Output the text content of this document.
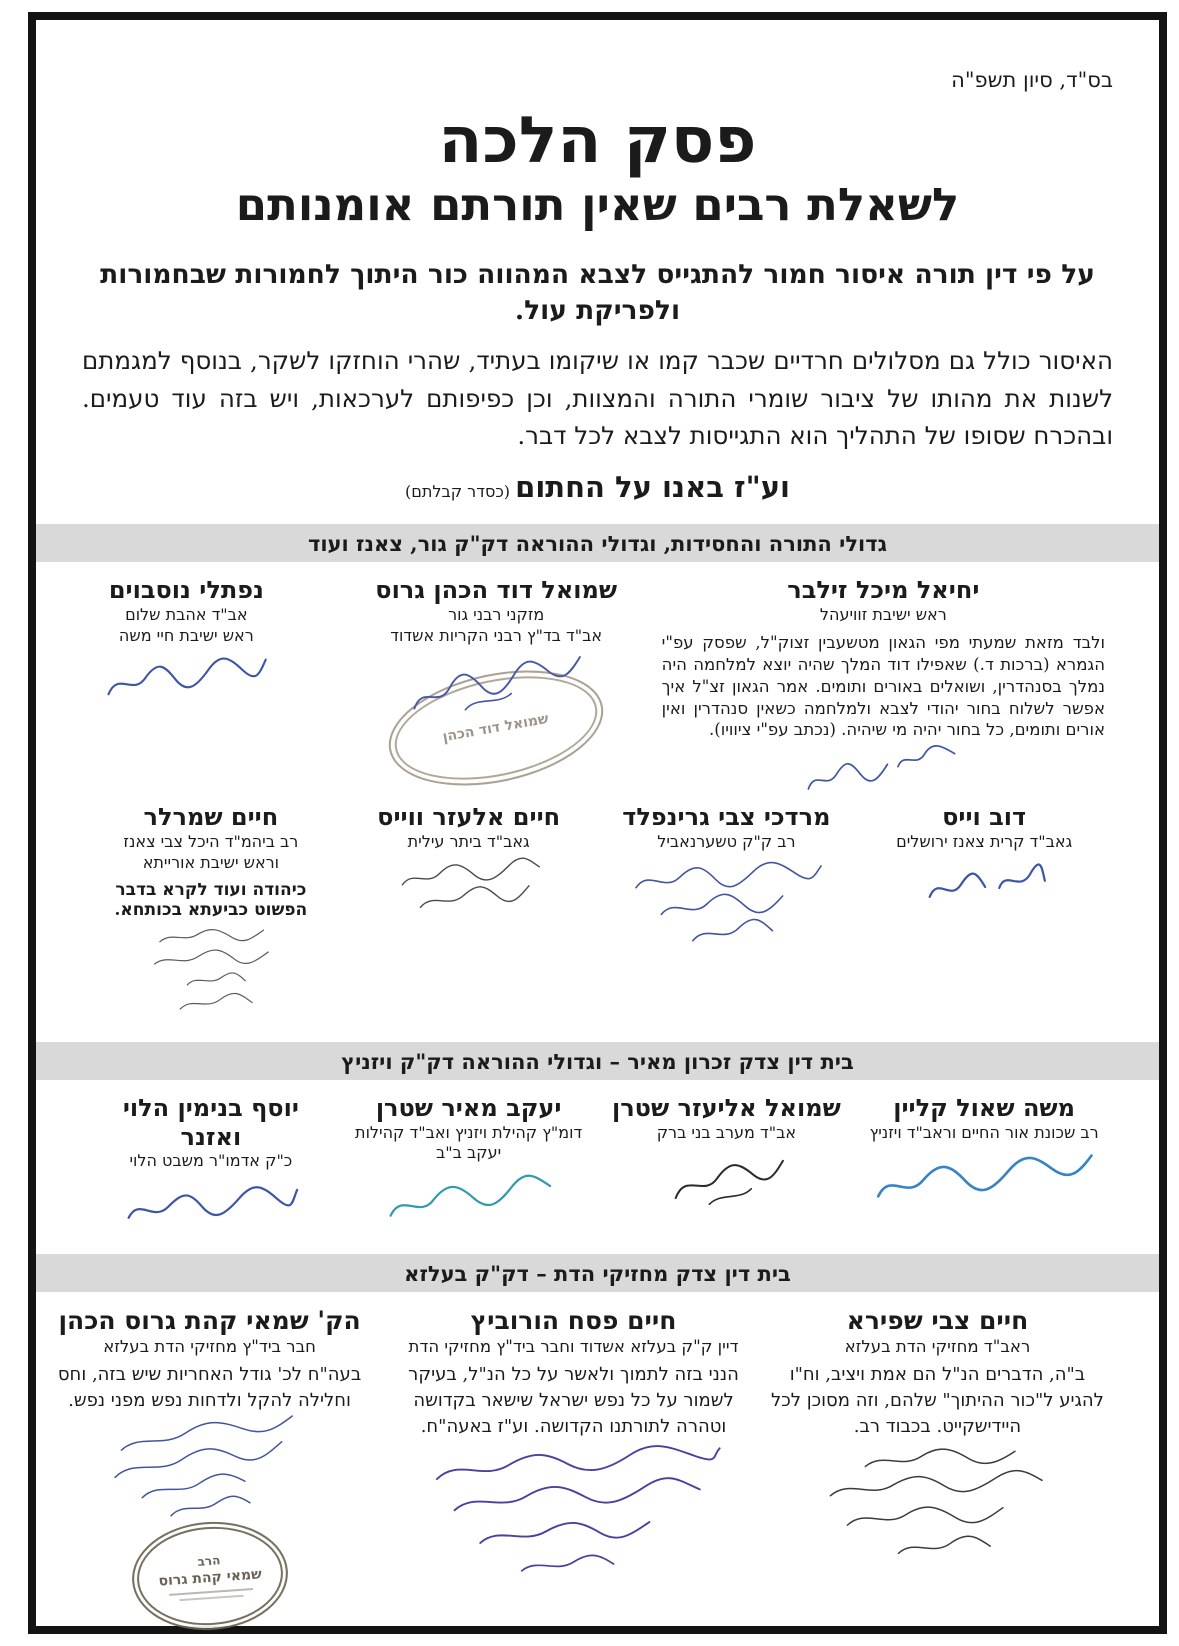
בס"ד, סיון תשפ"ה
פסק הלכה
לשאלת רבים שאין תורתם אומנותם

על פי דין תורה איסור חמור להתגייס לצבא המהווה כור היתוך לחמורות שבחמורות ולפריקת עול.

האיסור כולל גם מסלולים חרדיים שכבר קמו או שיקומו בעתיד, שהרי הוחזקו לשקר, בנוסף למגמתם לשנות את מהותו של ציבור שומרי התורה והמצוות, וכן כפיפותם לערכאות, ויש בזה עוד טעמים. ובהכרח שסופו של התהליך הוא התגייסות לצבא לכל דבר.

וע"ז באנו על החתום (כסדר קבלתם)
גדולי התורה והחסידות, וגדולי ההוראה דק"ק גור, צאנז ועוד
יחיאל מיכל זילבר
ראש ישיבת זוויעהל
ולבד מזאת שמעתי מפי הגאון מטשעבין זצוק"ל, שפסק עפ"י הגמרא (ברכות ד.) שאפילו דוד המלך שהיה יוצא למלחמה היה נמלך בסנהדרין, ושואלים באורים ותומים. אמר הגאון זצ"ל איך אפשר לשלוח בחור יהודי לצבא ולמלחמה כשאין סנהדרין ואין אורים ותומים, כל בחור יהיה מי שיהיה. (נכתב עפ"י ציוויו).
שמואל דוד הכהן גרוס
מזקני רבני גור
אב"ד בד"ץ רבני הקריות אשדוד
שמואל דוד הכהן
נפתלי נוסבוים
אב"ד אהבת שלום
ראש ישיבת חיי משה
דוב וייס
גאב"ד קרית צאנז ירושלים
מרדכי צבי גרינפלד
רב ק"ק טשערנאביל
חיים אלעזר ווייס
גאב"ד ביתר עילית
חיים שמרלר
רב ביהמ"ד היכל צבי צאנז
וראש ישיבת אורייתא
כיהודה ועוד לקרא בדבר הפשוט כביעתא בכותחא.
בית דין צדק זכרון מאיר – וגדולי ההוראה דק"ק ויזניץ
משה שאול קליין
רב שכונת אור החיים וראב"ד ויזניץ
שמואל אליעזר שטרן
אב"ד מערב בני ברק
יעקב מאיר שטרן
דומ"ץ קהילת ויזניץ ואב"ד קהילות יעקב ב"ב
יוסף בנימין הלוי ואזנר
כ"ק אדמו"ר משבט הלוי
בית דין צדק מחזיקי הדת – דק"ק בעלזא
חיים צבי שפירא
ראב"ד מחזיקי הדת בעלזא
ב"ה, הדברים הנ"ל הם אמת ויציב, וח"ו להגיע ל"כור ההיתוך" שלהם, וזה מסוכן לכל היידישקייט. בכבוד רב.
חיים פסח הורוביץ
דיין ק"ק בעלזא אשדוד וחבר ביד"ץ מחזיקי הדת
הנני בזה לתמוך ולאשר על כל הנ"ל, בעיקר לשמור על כל נפש ישראל שישאר בקדושה וטהרה לתורתנו הקדושה. וע"ז באעה"ח.
הק' שמאי קהת גרוס הכהן
חבר ביד"ץ מחזיקי הדת בעלזא
בעה"ח לכ' גודל האחריות שיש בזה, וחס וחלילה להקל ולדחות נפש מפני נפש.
הרב
שמאי קהת גרוס
